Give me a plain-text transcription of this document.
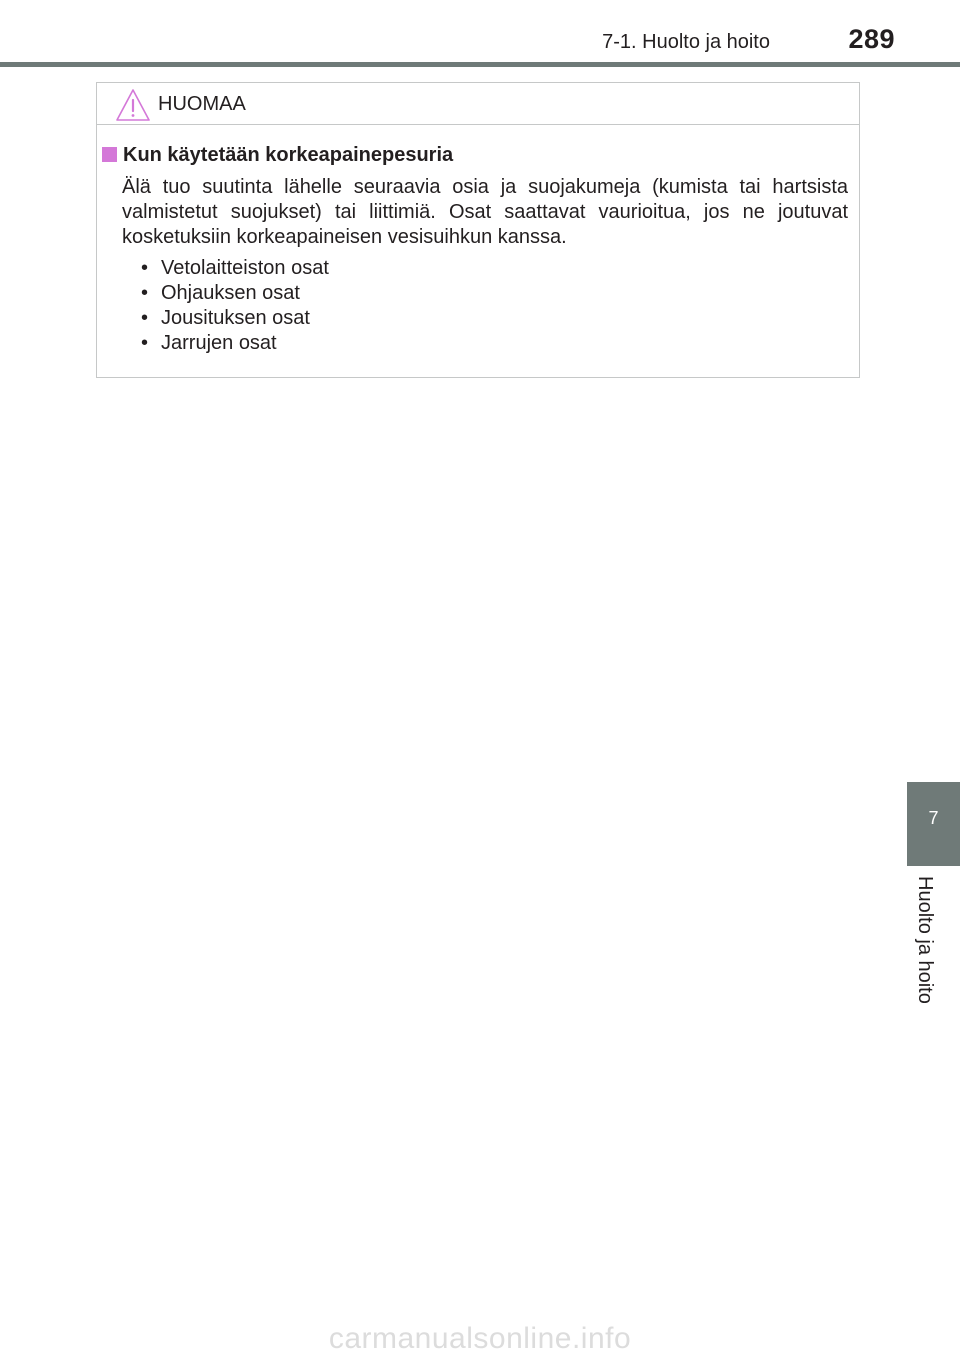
7-1. Huolto ja hoito	289
HUOMAA
Kun käytetään korkeapainepesuria

Älä tuo suutinta lähelle seuraavia osia ja suojakumeja (kumista tai hartsista valmistetut suojukset) tai liittimiä. Osat saattavat vaurioitua, jos ne joutuvat kosketuksiin korkeapaineisen vesisuihkun kanssa.

• Vetolaitteiston osat
• Ohjauksen osat
• Jousituksen osat
• Jarrujen osat
7
Huolto ja hoito
carmanualsonline.info
